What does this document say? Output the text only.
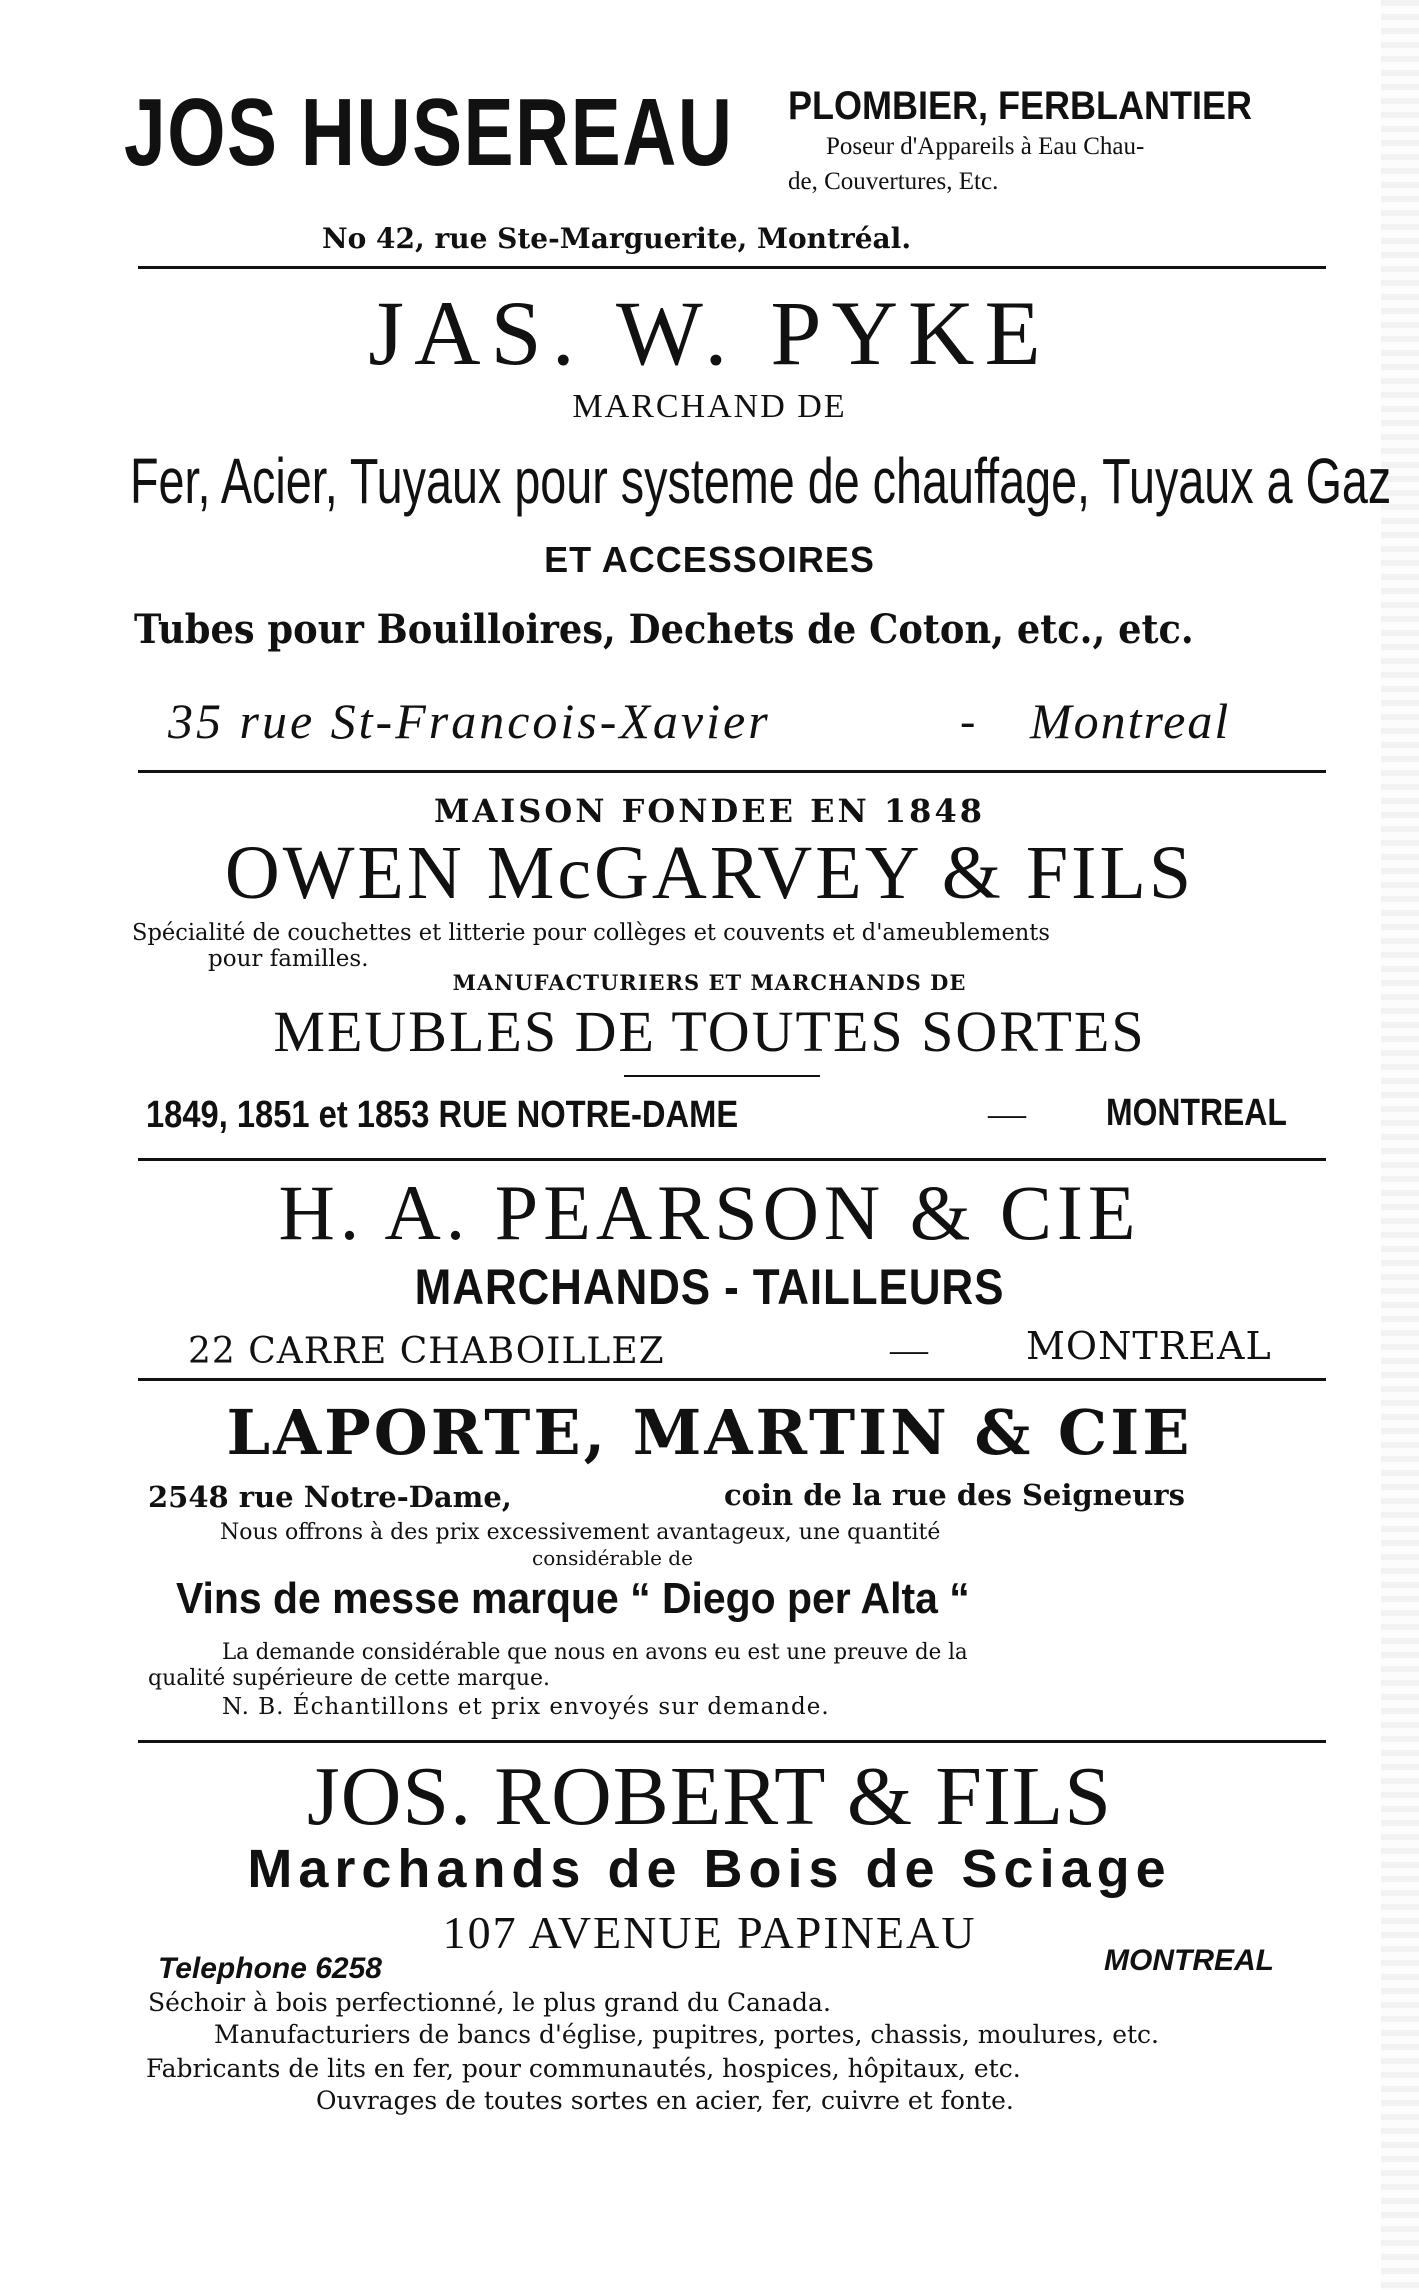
JOS HUSEREAU PLOMBIER, FERBLANTIER
Poseur d'Appareils à Eau Chau-
de, Couvertures, Etc.
No 42, rue Ste-Marguerite, Montréal.
JAS. W. PYKE
MARCHAND DE
Fer, Acier, Tuyaux pour systeme de chauffage, Tuyaux a Gaz
ET ACCESSOIRES
Tubes pour Bouilloires, Dechets de Coton, etc., etc.
35 rue St-Francois-Xavier	- Montreal
MAISON FONDEE EN 1848
OWEN McGARVEY & FILS
Spécialité de couchettes et litterie pour collèges et couvents et d'ameublements
pour familles.
MANUFACTURIERS ET MARCHANDS DE
MEUBLES DE TOUTES SORTES
1849, 1851 et 1853 RUE NOTRE-DAME	— MONTREAL
H. A. PEARSON & CIE
MARCHANDS - TAILLEURS
22 CARRE CHABOILLEZ	—	MONTREAL
LAPORTE, MARTIN & CIE
2548 rue Notre-Dame,	coin de la rue des Seigneurs
Nous offrons à des prix excessivement avantageux, une quantité
considérable de
Vins de messe marque “ Diego per Alta “
La demande considérable que nous en avons eu est une preuve de la
qualité supérieure de cette marque.
N. B. Échantillons et prix envoyés sur demande.
JOS. ROBERT & FILS
Marchands de Bois de Sciage
107 AVENUE PAPINEAU
Telephone 6258	MONTREAL
Séchoir à bois perfectionné, le plus grand du Canada.
Manufacturiers de bancs d'église, pupitres, portes, chassis, moulures, etc.
Fabricants de lits en fer, pour communautés, hospices, hôpitaux, etc.
Ouvrages de toutes sortes en acier, fer, cuivre et fonte.
